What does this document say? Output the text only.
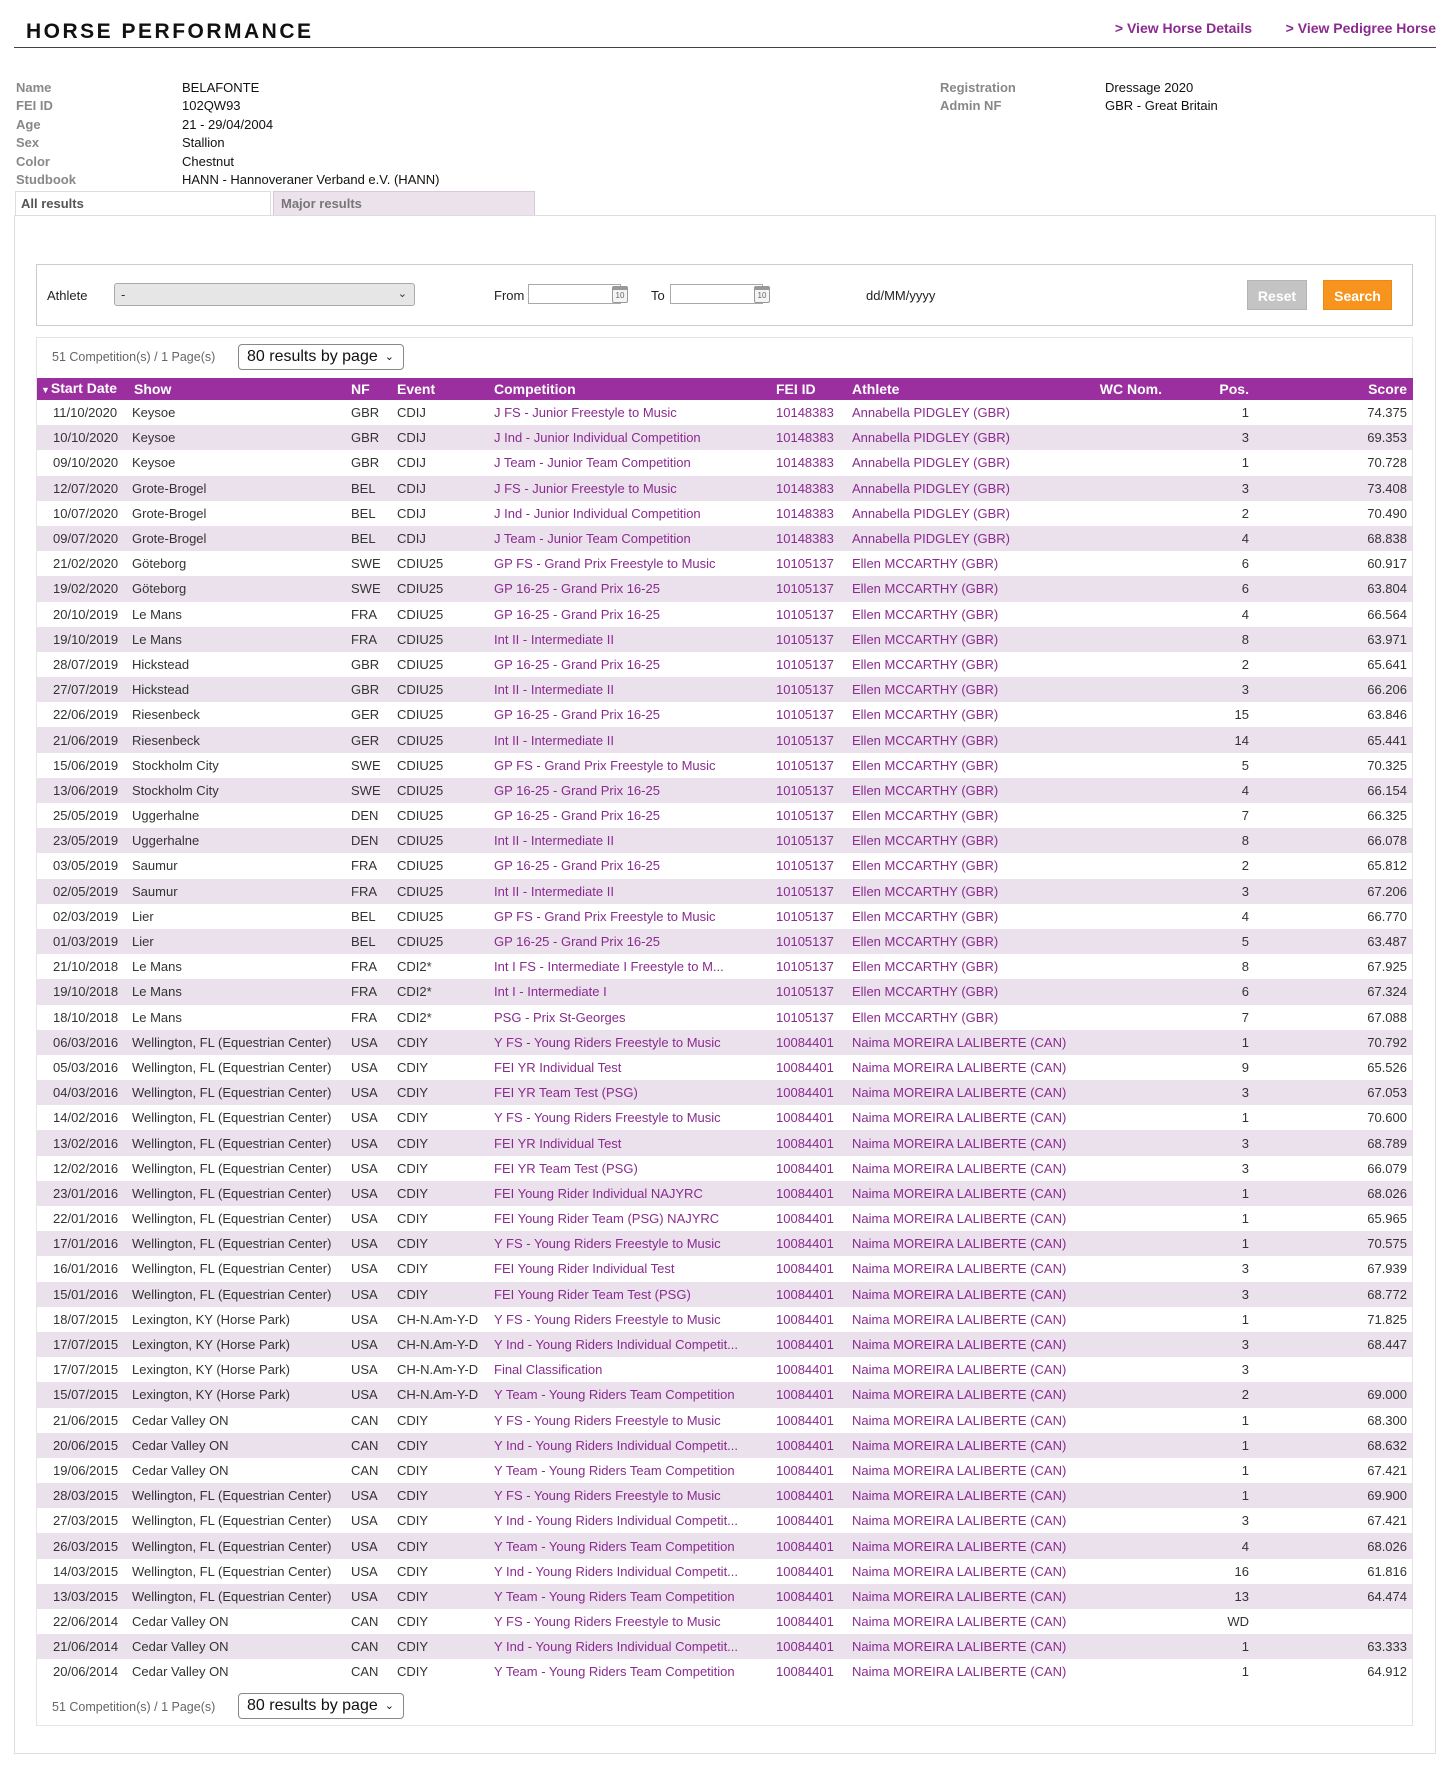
HORSE PERFORMANCE	> View Horse Details > View Pedigree Horse
Name	BELAFONTE
FEI ID	102QW93
Age	21 - 29/04/2004
Sex	Stallion
Color	Chestnut
Studbook	HANN - Hannoveraner Verband e.V. (HANN)
Registration	Dressage 2020
Admin NF	GBR - Great Britain
All results	Major results
Athlete	-	⌄	From	10 To	10	dd/MM/yyyy	Reset	Search
51 Competition(s) / 1 Page(s)	80 results by page ⌄
▼Start Date	Show	NF	Event	Competition	FEI ID	Athlete	WC Nom.	Pos.	Score
11/10/2020	Keysoe	GBR	CDIJ	J FS - Junior Freestyle to Music	10148383	Annabella PIDGLEY (GBR)		1	74.375
10/10/2020	Keysoe	GBR	CDIJ	J Ind - Junior Individual Competition	10148383	Annabella PIDGLEY (GBR)		3	69.353
09/10/2020	Keysoe	GBR	CDIJ	J Team - Junior Team Competition	10148383	Annabella PIDGLEY (GBR)		1	70.728
12/07/2020	Grote-Brogel	BEL	CDIJ	J FS - Junior Freestyle to Music	10148383	Annabella PIDGLEY (GBR)		3	73.408
10/07/2020	Grote-Brogel	BEL	CDIJ	J Ind - Junior Individual Competition	10148383	Annabella PIDGLEY (GBR)		2	70.490
09/07/2020	Grote-Brogel	BEL	CDIJ	J Team - Junior Team Competition	10148383	Annabella PIDGLEY (GBR)		4	68.838
21/02/2020	Göteborg	SWE	CDIU25	GP FS - Grand Prix Freestyle to Music	10105137	Ellen MCCARTHY (GBR)		6	60.917
19/02/2020	Göteborg	SWE	CDIU25	GP 16-25 - Grand Prix 16-25	10105137	Ellen MCCARTHY (GBR)		6	63.804
20/10/2019	Le Mans	FRA	CDIU25	GP 16-25 - Grand Prix 16-25	10105137	Ellen MCCARTHY (GBR)		4	66.564
19/10/2019	Le Mans	FRA	CDIU25	Int II - Intermediate II	10105137	Ellen MCCARTHY (GBR)		8	63.971
28/07/2019	Hickstead	GBR	CDIU25	GP 16-25 - Grand Prix 16-25	10105137	Ellen MCCARTHY (GBR)		2	65.641
27/07/2019	Hickstead	GBR	CDIU25	Int II - Intermediate II	10105137	Ellen MCCARTHY (GBR)		3	66.206
22/06/2019	Riesenbeck	GER	CDIU25	GP 16-25 - Grand Prix 16-25	10105137	Ellen MCCARTHY (GBR)		15	63.846
21/06/2019	Riesenbeck	GER	CDIU25	Int II - Intermediate II	10105137	Ellen MCCARTHY (GBR)		14	65.441
15/06/2019	Stockholm City	SWE	CDIU25	GP FS - Grand Prix Freestyle to Music	10105137	Ellen MCCARTHY (GBR)		5	70.325
13/06/2019	Stockholm City	SWE	CDIU25	GP 16-25 - Grand Prix 16-25	10105137	Ellen MCCARTHY (GBR)		4	66.154
25/05/2019	Uggerhalne	DEN	CDIU25	GP 16-25 - Grand Prix 16-25	10105137	Ellen MCCARTHY (GBR)		7	66.325
23/05/2019	Uggerhalne	DEN	CDIU25	Int II - Intermediate II	10105137	Ellen MCCARTHY (GBR)		8	66.078
03/05/2019	Saumur	FRA	CDIU25	GP 16-25 - Grand Prix 16-25	10105137	Ellen MCCARTHY (GBR)		2	65.812
02/05/2019	Saumur	FRA	CDIU25	Int II - Intermediate II	10105137	Ellen MCCARTHY (GBR)		3	67.206
02/03/2019	Lier	BEL	CDIU25	GP FS - Grand Prix Freestyle to Music	10105137	Ellen MCCARTHY (GBR)		4	66.770
01/03/2019	Lier	BEL	CDIU25	GP 16-25 - Grand Prix 16-25	10105137	Ellen MCCARTHY (GBR)		5	63.487
21/10/2018	Le Mans	FRA	CDI2*	Int I FS - Intermediate I Freestyle to M...	10105137	Ellen MCCARTHY (GBR)		8	67.925
19/10/2018	Le Mans	FRA	CDI2*	Int I - Intermediate I	10105137	Ellen MCCARTHY (GBR)		6	67.324
18/10/2018	Le Mans	FRA	CDI2*	PSG - Prix St-Georges	10105137	Ellen MCCARTHY (GBR)		7	67.088
06/03/2016	Wellington, FL (Equestrian Center)	USA	CDIY	Y FS - Young Riders Freestyle to Music	10084401	Naima MOREIRA LALIBERTE (CAN)		1	70.792
05/03/2016	Wellington, FL (Equestrian Center)	USA	CDIY	FEI YR Individual Test	10084401	Naima MOREIRA LALIBERTE (CAN)		9	65.526
04/03/2016	Wellington, FL (Equestrian Center)	USA	CDIY	FEI YR Team Test (PSG)	10084401	Naima MOREIRA LALIBERTE (CAN)		3	67.053
14/02/2016	Wellington, FL (Equestrian Center)	USA	CDIY	Y FS - Young Riders Freestyle to Music	10084401	Naima MOREIRA LALIBERTE (CAN)		1	70.600
13/02/2016	Wellington, FL (Equestrian Center)	USA	CDIY	FEI YR Individual Test	10084401	Naima MOREIRA LALIBERTE (CAN)		3	68.789
12/02/2016	Wellington, FL (Equestrian Center)	USA	CDIY	FEI YR Team Test (PSG)	10084401	Naima MOREIRA LALIBERTE (CAN)		3	66.079
23/01/2016	Wellington, FL (Equestrian Center)	USA	CDIY	FEI Young Rider Individual NAJYRC	10084401	Naima MOREIRA LALIBERTE (CAN)		1	68.026
22/01/2016	Wellington, FL (Equestrian Center)	USA	CDIY	FEI Young Rider Team (PSG) NAJYRC	10084401	Naima MOREIRA LALIBERTE (CAN)		1	65.965
17/01/2016	Wellington, FL (Equestrian Center)	USA	CDIY	Y FS - Young Riders Freestyle to Music	10084401	Naima MOREIRA LALIBERTE (CAN)		1	70.575
16/01/2016	Wellington, FL (Equestrian Center)	USA	CDIY	FEI Young Rider Individual Test	10084401	Naima MOREIRA LALIBERTE (CAN)		3	67.939
15/01/2016	Wellington, FL (Equestrian Center)	USA	CDIY	FEI Young Rider Team Test (PSG)	10084401	Naima MOREIRA LALIBERTE (CAN)		3	68.772
18/07/2015	Lexington, KY (Horse Park)	USA	CH-N.Am-Y-D	Y FS - Young Riders Freestyle to Music	10084401	Naima MOREIRA LALIBERTE (CAN)		1	71.825
17/07/2015	Lexington, KY (Horse Park)	USA	CH-N.Am-Y-D	Y Ind - Young Riders Individual Competit...	10084401	Naima MOREIRA LALIBERTE (CAN)		3	68.447
17/07/2015	Lexington, KY (Horse Park)	USA	CH-N.Am-Y-D	Final Classification	10084401	Naima MOREIRA LALIBERTE (CAN)		3	
15/07/2015	Lexington, KY (Horse Park)	USA	CH-N.Am-Y-D	Y Team - Young Riders Team Competition	10084401	Naima MOREIRA LALIBERTE (CAN)		2	69.000
21/06/2015	Cedar Valley ON	CAN	CDIY	Y FS - Young Riders Freestyle to Music	10084401	Naima MOREIRA LALIBERTE (CAN)		1	68.300
20/06/2015	Cedar Valley ON	CAN	CDIY	Y Ind - Young Riders Individual Competit...	10084401	Naima MOREIRA LALIBERTE (CAN)		1	68.632
19/06/2015	Cedar Valley ON	CAN	CDIY	Y Team - Young Riders Team Competition	10084401	Naima MOREIRA LALIBERTE (CAN)		1	67.421
28/03/2015	Wellington, FL (Equestrian Center)	USA	CDIY	Y FS - Young Riders Freestyle to Music	10084401	Naima MOREIRA LALIBERTE (CAN)		1	69.900
27/03/2015	Wellington, FL (Equestrian Center)	USA	CDIY	Y Ind - Young Riders Individual Competit...	10084401	Naima MOREIRA LALIBERTE (CAN)		3	67.421
26/03/2015	Wellington, FL (Equestrian Center)	USA	CDIY	Y Team - Young Riders Team Competition	10084401	Naima MOREIRA LALIBERTE (CAN)		4	68.026
14/03/2015	Wellington, FL (Equestrian Center)	USA	CDIY	Y Ind - Young Riders Individual Competit...	10084401	Naima MOREIRA LALIBERTE (CAN)		16	61.816
13/03/2015	Wellington, FL (Equestrian Center)	USA	CDIY	Y Team - Young Riders Team Competition	10084401	Naima MOREIRA LALIBERTE (CAN)		13	64.474
22/06/2014	Cedar Valley ON	CAN	CDIY	Y FS - Young Riders Freestyle to Music	10084401	Naima MOREIRA LALIBERTE (CAN)		WD	
21/06/2014	Cedar Valley ON	CAN	CDIY	Y Ind - Young Riders Individual Competit...	10084401	Naima MOREIRA LALIBERTE (CAN)		1	63.333
20/06/2014	Cedar Valley ON	CAN	CDIY	Y Team - Young Riders Team Competition	10084401	Naima MOREIRA LALIBERTE (CAN)		1	64.912
51 Competition(s) / 1 Page(s)	80 results by page ⌄
